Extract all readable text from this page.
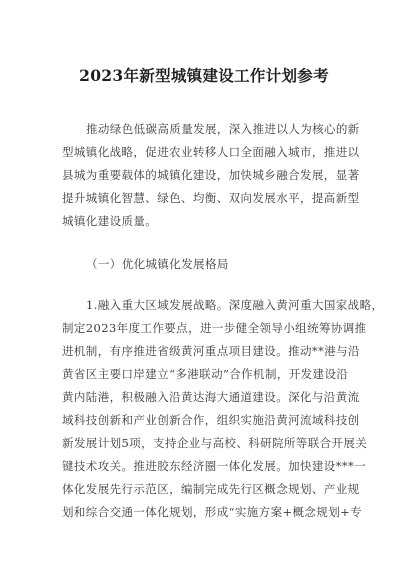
2023年新型城镇建设工作计划参考
推动绿色低碳高质量发展，深入推进以人为核心的新
型城镇化战略，促进农业转移人口全面融入城市，推进以
县城为重要载体的城镇化建设，加快城乡融合发展，显著
提升城镇化智慧、绿色、均衡、双向发展水平，提高新型
城镇化建设质量。
（一）优化城镇化发展格局
1.融入重大区域发展战略。深度融入黄河重大国家战略，
制定2023年度工作要点，进一步健全领导小组统筹协调推
进机制，有序推进省级黄河重点项目建设。推动**港与沿
黄省区主要口岸建立“多港联动”合作机制，开发建设沿
黄内陆港，积极融入沿黄达海大通道建设。深化与沿黄流
域科技创新和产业创新合作，组织实施沿黄河流域科技创
新发展计划5项，支持企业与高校、科研院所等联合开展关
键技术攻关。推进胶东经济圈一体化发展。加快建设***一
体化发展先行示范区，编制完成先行区概念规划、产业规
划和综合交通一体化规划，形成“实施方案+概念规划+专
